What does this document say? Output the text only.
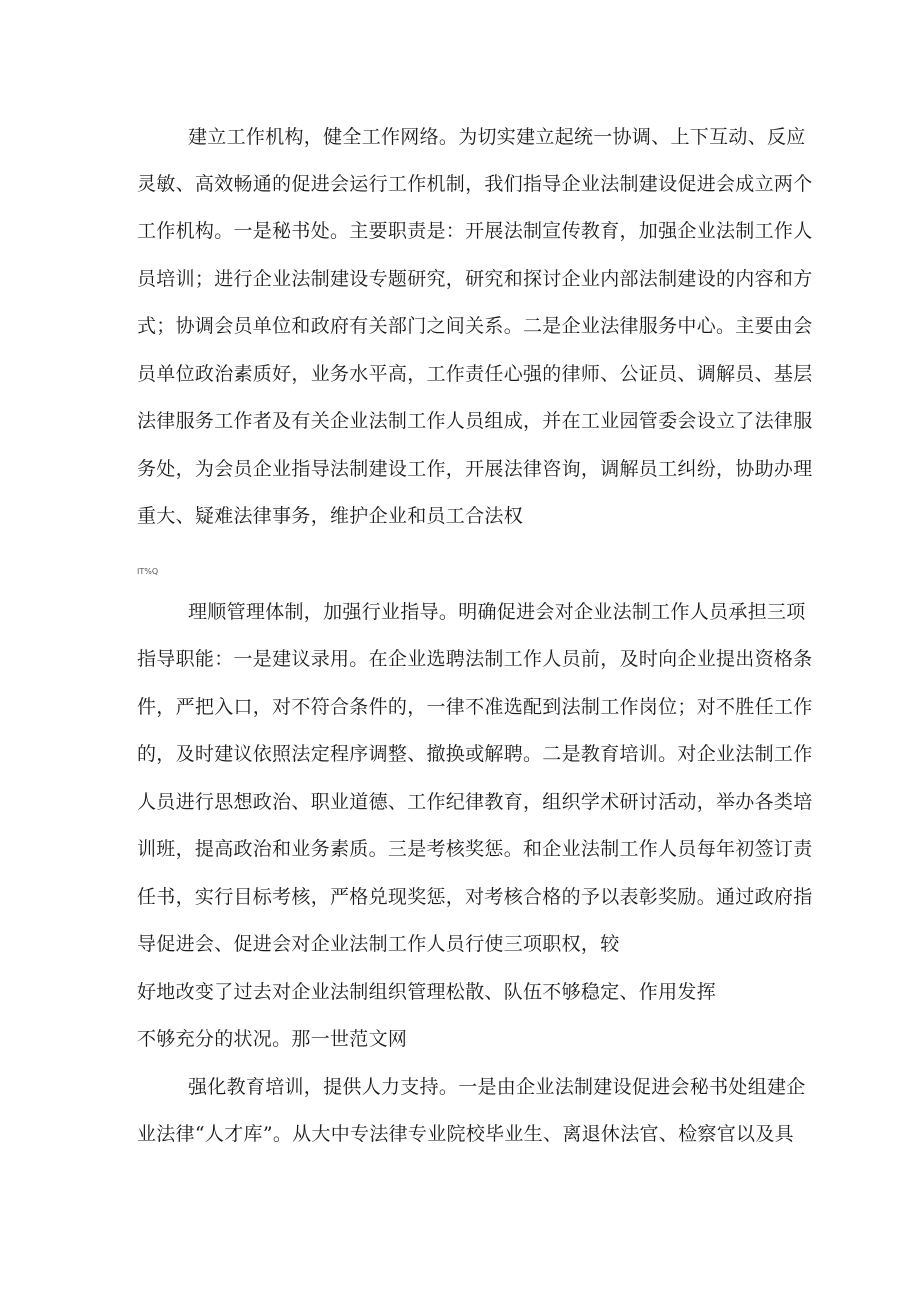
建立工作机构，健全工作网络。为切实建立起统一协调、上下互动、反应
灵敏、高效畅通的促进会运行工作机制，我们指导企业法制建设促进会成立两个
工作机构。一是秘书处。主要职责是：开展法制宣传教育，加强企业法制工作人
员培训；进行企业法制建设专题研究，研究和探讨企业内部法制建设的内容和方
式；协调会员单位和政府有关部门之间关系。二是企业法律服务中心。主要由会
员单位政治素质好，业务水平高，工作责任心强的律师、公证员、调解员、基层
法律服务工作者及有关企业法制工作人员组成，并在工业园管委会设立了法律服
务处，为会员企业指导法制建设工作，开展法律咨询，调解员工纠纷，协助办理
重大、疑难法律事务，维护企业和员工合法权
IT%Q
理顺管理体制，加强行业指导。明确促进会对企业法制工作人员承担三项
指导职能：一是建议录用。在企业选聘法制工作人员前，及时向企业提出资格条
件，严把入口，对不符合条件的，一律不准选配到法制工作岗位；对不胜任工作
的，及时建议依照法定程序调整、撤换或解聘。二是教育培训。对企业法制工作
人员进行思想政治、职业道德、工作纪律教育，组织学术研讨活动，举办各类培
训班，提高政治和业务素质。三是考核奖惩。和企业法制工作人员每年初签订责
任书，实行目标考核，严格兑现奖惩，对考核合格的予以表彰奖励。通过政府指
导促进会、促进会对企业法制工作人员行使三项职权，较
好地改变了过去对企业法制组织管理松散、队伍不够稳定、作用发挥
不够充分的状况。那一世范文网
强化教育培训，提供人力支持。一是由企业法制建设促进会秘书处组建企
业法律“人才库”。从大中专法律专业院校毕业生、离退休法官、检察官以及具
